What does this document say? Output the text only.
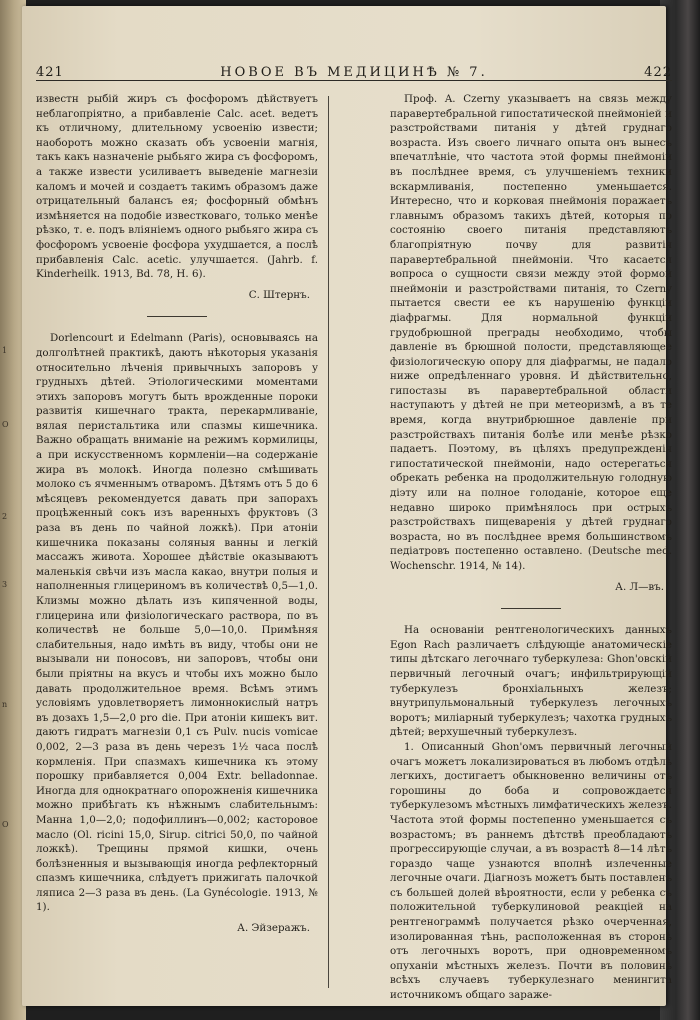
1
O
2
3
n
O
421	НОВОЕ ВЪ МЕДИЦИНѢ № 7.	422

известн рыбій жиръ съ фосфоромъ дѣйствуетъ неблагопріятно, а прибавленіе Calc. acet. ведетъ къ отличному, длительному усвоенію извести; наоборотъ можно сказать объ усвоеніи магнія, такъ какъ назначеніе рыбьяго жира съ фосфоромъ, а также извести усиливаетъ выведеніе магнезіи каломъ и мочей и создаетъ такимъ образомъ даже отрицательный балансъ ея; фосфорный обмѣнъ измѣняется на подобіе известковаго, только менѣе рѣзко, т. е. подъ вліяніемъ одного рыбьяго жира съ фосфоромъ усвоеніе фосфора ухудшается, а послѣ прибавленія Calc. acetic. улучшается. (Jahrb. f. Kinderheilk. 1913, Bd. 78, H. 6).

С. Штернъ.

Dorlencourt и Edelmann (Paris), основываясь на долголѣтней практикѣ, даютъ нѣкоторыя указанія относительно лѣченія привычныхъ запоровъ у грудныхъ дѣтей. Этіологическими моментами этихъ запоровъ могутъ быть врожденные пороки развитія кишечнаго тракта, перекармливаніе, вялая перистальтика или спазмы кишечника. Важно обращать вниманіе на режимъ кормилицы, а при искусственномъ кормленіи—на содержаніе жира въ молокѣ. Иногда полезно смѣшивать молоко съ ячменнымъ отваромъ. Дѣтямъ отъ 5 до 6 мѣсяцевъ рекомендуется давать при запорахъ процѣженный сокъ изъ варенныхъ фруктовъ (3 раза въ день по чайной ложкѣ). При атоніи кишечника показаны соляныя ванны и легкій массажъ живота. Хорошее дѣйствіе оказываютъ маленькія свѣчи изъ масла какао, внутри полыя и наполненныя глицериномъ въ количествѣ 0,5—1,0. Клизмы можно дѣлать изъ кипяченной воды, глицерина или физіологическаго раствора, по въ количествѣ не больше 5,0—10,0. Примѣняя слабительныя, надо имѣть въ виду, чтобы они не вызывали ни поносовъ, ни запоровъ, чтобы они были пріятны на вкусъ и чтобы ихъ можно было давать продолжительное время. Всѣмъ этимъ условіямъ удовлетворяетъ лимоннокислый натръ въ дозахъ 1,5—2,0 pro die. При атоніи кишекъ вит. даютъ гидратъ магнезіи 0,1 съ Pulv. nucis vomicae 0,002, 2—3 раза въ день черезъ 1½ часа послѣ кормленія. При спазмахъ кишечника къ этому порошку прибавляется 0,004 Extr. belladonnae. Иногда для однократнаго опорожненія кишечника можно прибѣгать къ нѣжнымъ слабительнымъ: Манна 1,0—2,0; подофиллинъ—0,002; касторовое масло (Ol. ricini 15,0, Sirup. citrici 50,0, по чайной ложкѣ). Трещины прямой кишки, очень болѣзненныя и вызывающія иногда рефлекторный спазмъ кишечника, слѣдуетъ прижигать палочкой ляписа 2—3 раза въ день. (La Gynécologie. 1913, № 1).

А. Эйзеражъ.

Проф. A. Czerny указываетъ на связь между паравертебральной гипостатической пнеймоніей и разстройствами питанія у дѣтей груднаго возраста. Изъ своего личнаго опыта онъ вынесъ впечатлѣніе, что частота этой формы пнеймоніи въ послѣднее время, съ улучшеніемъ техники вскармливанія, постепенно уменьшается. Интересно, что и корковая пнеймонія поражаетъ главнымъ образомъ такихъ дѣтей, которыя по состоянію своего питанія представляютъ благопріятную почву для развитія паравертебральной пнеймоніи. Что касается вопроса о сущности связи между этой формой пнеймоніи и разстройствами питанія, то Czerny пытается свести ее къ нарушенію функціи діафрагмы. Для нормальной функціи грудобрюшной преграды необходимо, чтобы давленіе въ брюшной полости, представляющее физіологическую опору для діафрагмы, не падало ниже опредѣленнаго уровня. И дѣйствительно, гипостазы въ паравертебральной области наступаютъ у дѣтей не при метеоризмѣ, а въ те время, когда внутрибрюшное давленіе при разстройствахъ питанія болѣе или менѣе рѣзко падаетъ. Поэтому, въ цѣляхъ предупрежденія гипостатической пнеймоніи, надо остерегаться обрекать ребенка на продолжительную голодную діэту или на полное голоданіе, которое еще недавно широко примѣнялось при острыхъ разстройствахъ пищеваренія у дѣтей груднаго возраста, но въ послѣднее время большинствомъ педіатровъ постепенно оставлено. (Deutsche med. Wochenschr. 1914, № 14).

А. Л—въ.

На основаніи рентгенологическихъ данныхъ Egon Rach различаетъ слѣдующіе анатомическіе типы дѣтскаго легочнаго туберкулеза: Ghon'овскій первичный легочный очагъ; инфильтрирующій туберкулезъ бронхіальныхъ железъ; внутрипульмональный туберкулезъ легочныхъ воротъ; миліарный туберкулезъ; чахотка грудныхъ дѣтей; верхушечный туберкулезъ.

1. Описанный Ghon'омъ первичный легочный очагъ можетъ локализироваться въ любомъ отдѣлѣ легкихъ, достигаетъ обыкновенно величины отъ горошины до боба и сопровождается туберкулезомъ мѣстныхъ лимфатическихъ железъ. Частота этой формы постепенно уменьшается съ возрастомъ; въ раннемъ дѣтствѣ преобладаютъ прогрессирующіе случаи, а въ возрастѣ 8—14 лѣтъ гораздо чаще узнаются вполнѣ излеченные легочные очаги. Діагнозъ можетъ быть поставленъ съ большей долей вѣроятности, если у ребенка съ положительной туберкулиновой реакціей на рентгенограммѣ получается рѣзко очерченная, изолированная тѣнь, расположенная въ сторонѣ отъ легочныхъ воротъ, при одновременномъ опуханіи мѣстныхъ железъ. Почти въ половинѣ всѣхъ случаевъ туберкулезнаго менингита источникомъ общаго зараже-
